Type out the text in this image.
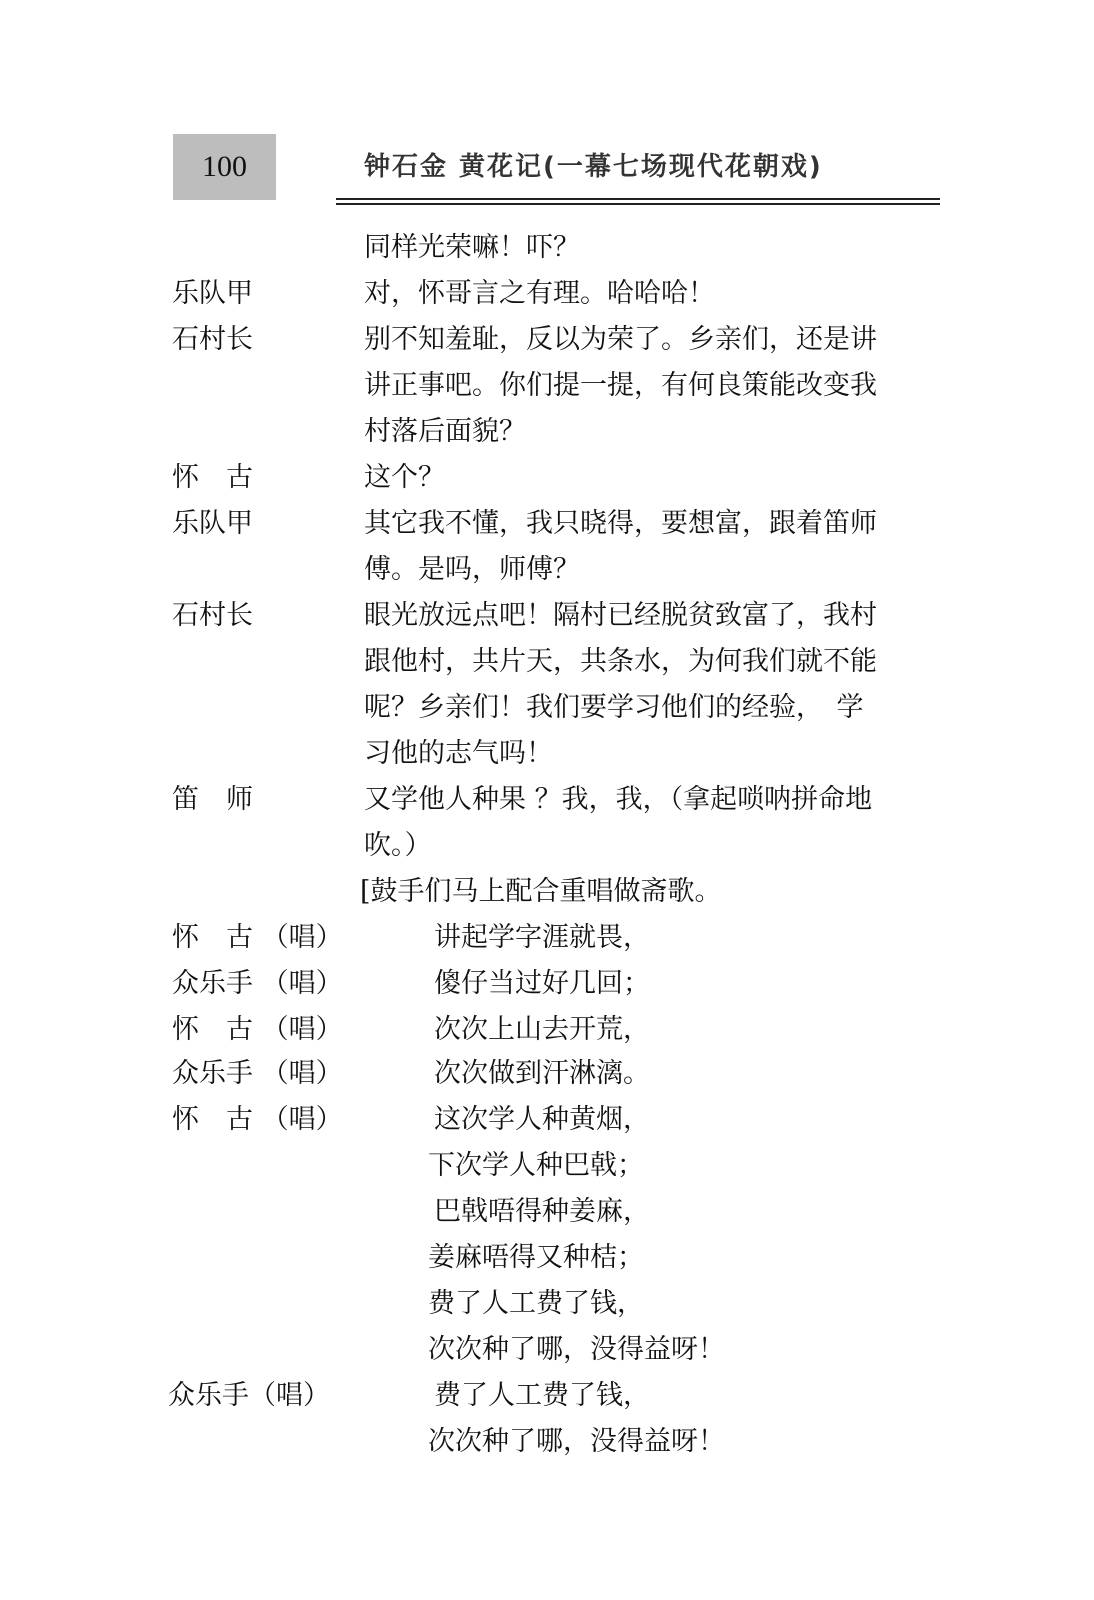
100	钟石金 黄花记(一幕七场现代花朝戏)
同样光荣嘛！吓？
乐队甲	对，怀哥言之有理。哈哈哈！
石村长	别不知羞耻，反以为荣了。乡亲们，还是讲
讲正事吧。你们提一提，有何良策能改变我
村落后面貌？
怀　古	这个？
乐队甲	其它我不懂，我只晓得，要想富，跟着笛师
傅。是吗，师傅？
石村长	眼光放远点吧！隔村已经脱贫致富了，我村
跟他村，共片天，共条水，为何我们就不能
呢？乡亲们！我们要学习他们的经验，　学
习他的志气吗！
笛　师	又学他人种果 ？我，我，（拿起唢呐拼命地
吹。）
[鼓手们马上配合重唱做斋歌。
怀　古 （唱）	讲起学字涯就畏，
众乐手 （唱）	傻仔当过好几回；
怀　古 （唱）	次次上山去开荒，
众乐手 （唱）	次次做到汗淋漓。
怀　古 （唱）	这次学人种黄烟，
下次学人种巴戟；
巴戟唔得种姜麻，
姜麻唔得又种桔；
费了人工费了钱，
次次种了哪，没得益呀！
众乐手（唱）	费了人工费了钱，
次次种了哪，没得益呀！
